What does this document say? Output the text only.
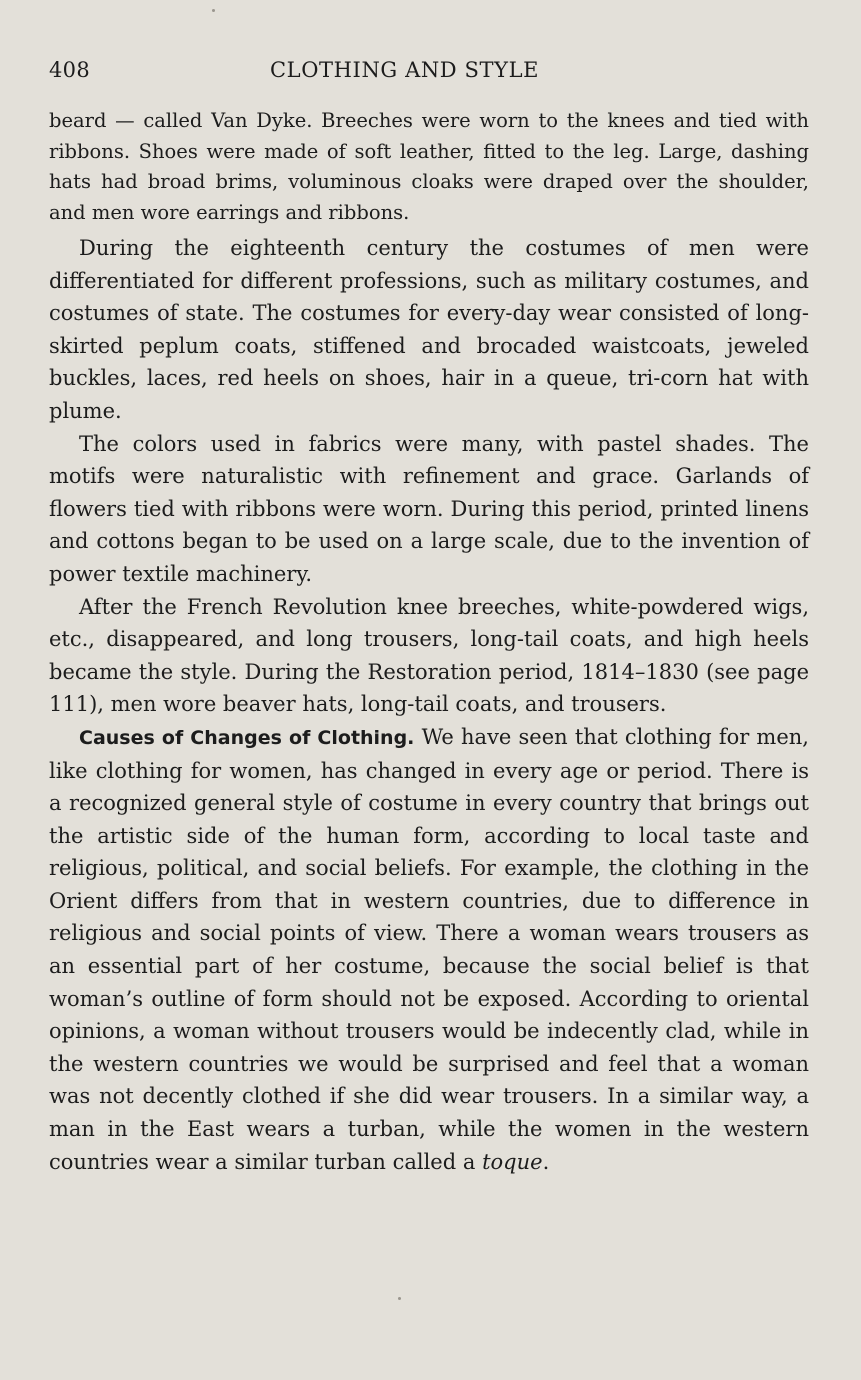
408	CLOTHING AND STYLE

beard — called Van Dyke. Breeches were worn to the knees and tied with ribbons. Shoes were made of soft leather, fitted to the leg. Large, dashing hats had broad brims, voluminous cloaks were draped over the shoulder, and men wore earrings and ribbons.

During the eighteenth century the costumes of men were differentiated for different professions, such as military costumes, and costumes of state. The costumes for every-day wear consisted of long-skirted peplum coats, stiffened and brocaded waistcoats, jeweled buckles, laces, red heels on shoes, hair in a queue, tri-corn hat with plume.

The colors used in fabrics were many, with pastel shades. The motifs were naturalistic with refinement and grace. Garlands of flowers tied with ribbons were worn. During this period, printed linens and cottons began to be used on a large scale, due to the invention of power textile machinery.

After the French Revolution knee breeches, white-powdered wigs, etc., disappeared, and long trousers, long-tail coats, and high heels became the style. During the Restoration period, 1814–1830 (see page 111), men wore beaver hats, long-tail coats, and trousers.

Causes of Changes of Clothing. We have seen that clothing for men, like clothing for women, has changed in every age or period. There is a recognized general style of costume in every country that brings out the artistic side of the human form, according to local taste and religious, political, and social beliefs. For example, the clothing in the Orient differs from that in western countries, due to difference in religious and social points of view. There a woman wears trousers as an essential part of her costume, because the social belief is that woman’s outline of form should not be exposed. According to oriental opinions, a woman without trousers would be indecently clad, while in the western countries we would be surprised and feel that a woman was not decently clothed if she did wear trousers. In a similar way, a man in the East wears a turban, while the women in the western countries wear a similar turban called a toque.
